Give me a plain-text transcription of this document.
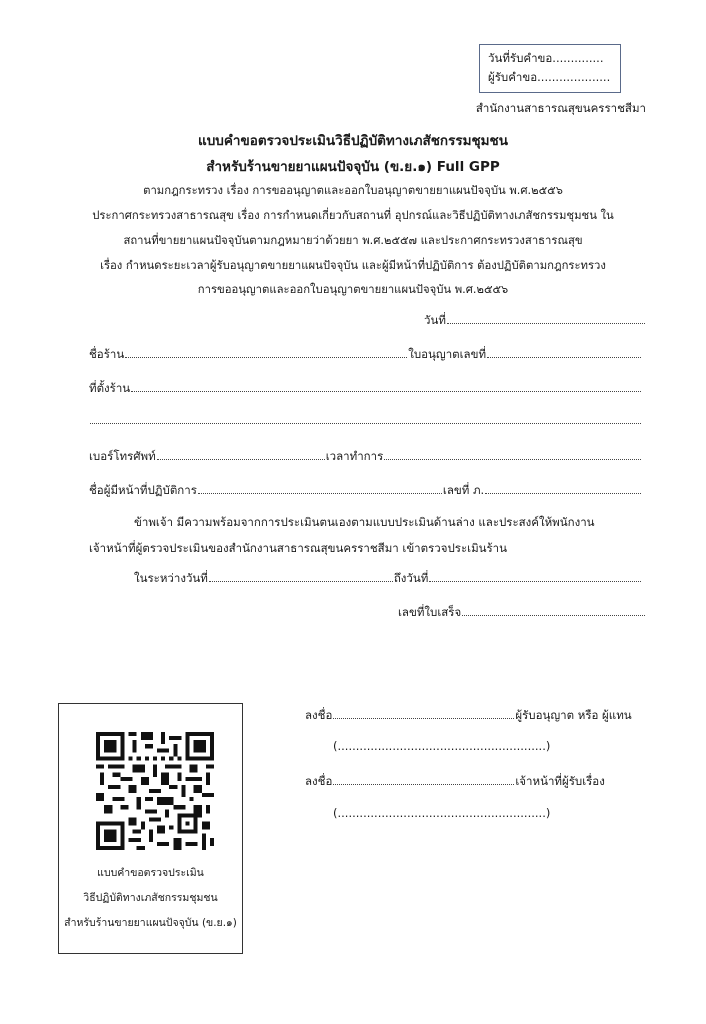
วันที่รับคำขอ..............
ผู้รับคำขอ....................
สำนักงานสาธารณสุขนครราชสีมา
แบบคำขอตรวจประเมินวิธีปฏิบัติทางเภสัชกรรมชุมชน
สำหรับร้านขายยาแผนปัจจุบัน (ข.ย.๑) Full GPP
ตามกฎกระทรวง เรื่อง การขออนุญาตและออกใบอนุญาตขายยาแผนปัจจุบัน พ.ศ.๒๕๕๖
ประกาศกระทรวงสาธารณสุข เรื่อง การกำหนดเกี่ยวกับสถานที่ อุปกรณ์และวิธีปฏิบัติทางเภสัชกรรมชุมชน ใน
สถานที่ขายยาแผนปัจจุบันตามกฎหมายว่าด้วยยา พ.ศ.๒๕๕๗ และประกาศกระทรวงสาธารณสุข
เรื่อง กำหนดระยะเวลาผู้รับอนุญาตขายยาแผนปัจจุบัน และผู้มีหน้าที่ปฏิบัติการ ต้องปฏิบัติตามกฎกระทรวง
การขออนุญาตและออกใบอนุญาตขายยาแผนปัจจุบัน พ.ศ.๒๕๕๖
วันที่
ชื่อร้าน	ใบอนุญาตเลขที่
ที่ตั้งร้าน
เบอร์โทรศัพท์	เวลาทำการ
ชื่อผู้มีหน้าที่ปฏิบัติการ	เลขที่ ภ.
ข้าพเจ้า มีความพร้อมจากการประเมินตนเองตามแบบประเมินด้านล่าง และประสงค์ให้พนักงาน
เจ้าหน้าที่ผู้ตรวจประเมินของสำนักงานสาธารณสุขนครราชสีมา เข้าตรวจประเมินร้าน
ในระหว่างวันที่	ถึงวันที่
เลขที่ใบเสร็จ
ลงชื่อ	ผู้รับอนุญาต หรือ ผู้แทน
(.........................................................)
ลงชื่อ	เจ้าหน้าที่ผู้รับเรื่อง
(.........................................................)
แบบคำขอตรวจประเมิน
วิธีปฏิบัติทางเภสัชกรรมชุมชน
สำหรับร้านขายยาแผนปัจจุบัน (ข.ย.๑)
